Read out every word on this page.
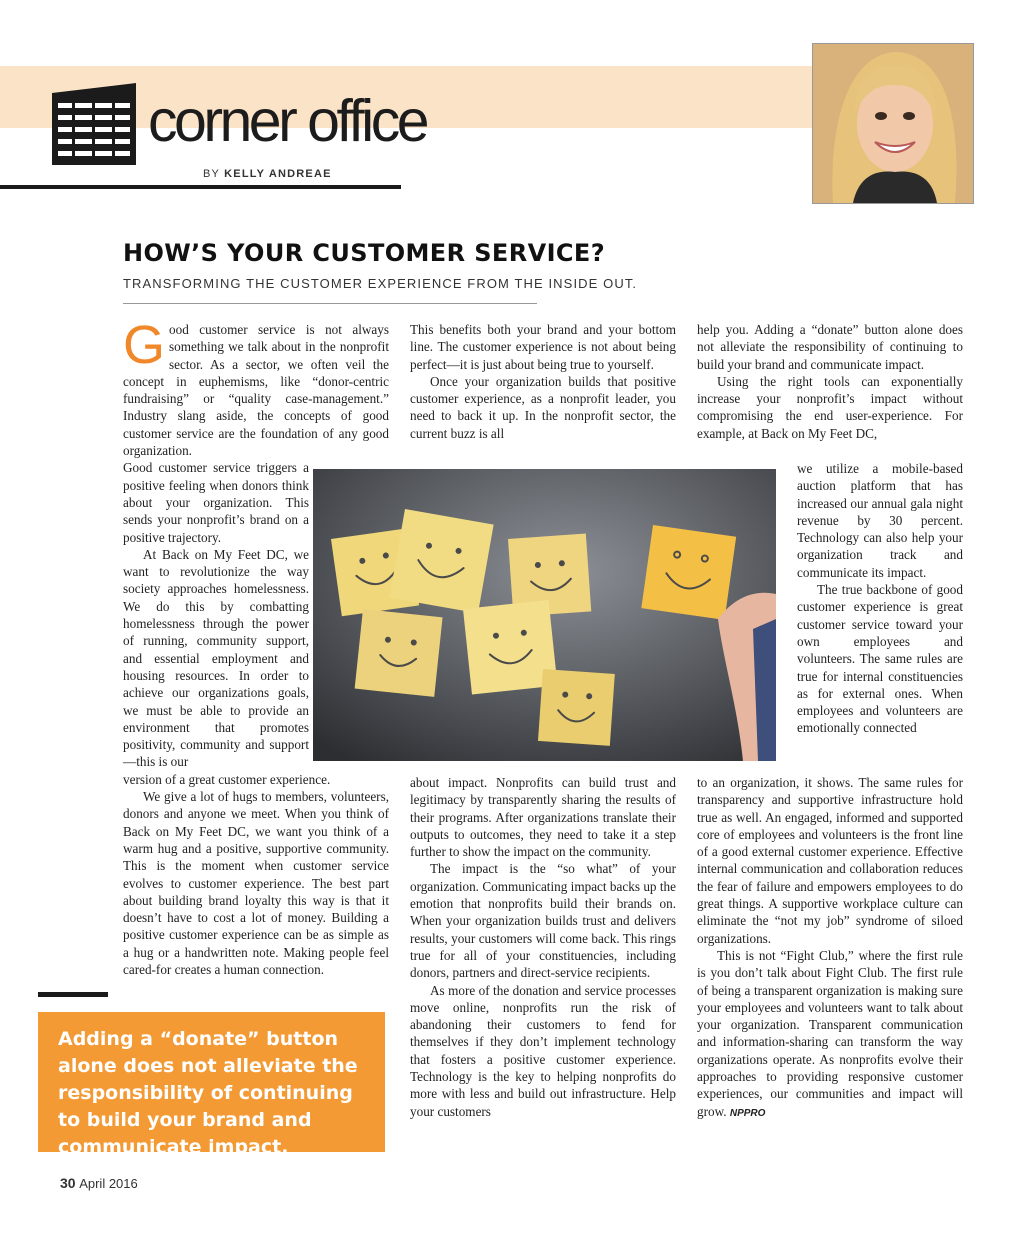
corner office
BY KELLY ANDREAE
HOW’S YOUR CUSTOMER SERVICE?
TRANSFORMING THE CUSTOMER EXPERIENCE FROM THE INSIDE OUT.

Good customer service is not always something we talk about in the nonprofit sector. As a sector, we often veil the concept in euphemisms, like “donor-centric fundraising” or “quality case-management.” Industry slang aside, the concepts of good customer service are the foundation of any good organization.

Good customer service triggers a positive feeling when donors think about your organization. This sends your nonprofit’s brand on a positive trajectory.

At Back on My Feet DC, we want to revolutionize the way society approaches homelessness. We do this by combatting homelessness through the power of running, community support, and essential employment and housing resources. In order to achieve our organizations goals, we must be able to provide an environment that promotes positivity, community and support—this is our

version of a great customer experience.

We give a lot of hugs to members, volunteers, donors and anyone we meet. When you think of Back on My Feet DC, we want you think of a warm hug and a positive, supportive community. This is the moment when customer service evolves to customer experience. The best part about building brand loyalty this way is that it doesn’t have to cost a lot of money. Building a positive customer experience can be as simple as a hug or a handwritten note. Making people feel cared-for creates a human connection.

This benefits both your brand and your bottom line. The customer experience is not about being perfect—it is just about being true to yourself.

Once your organization builds that positive customer experience, as a nonprofit leader, you need to back it up. In the nonprofit sector, the current buzz is all

help you. Adding a “donate” button alone does not alleviate the responsibility of continuing to build your brand and communicate impact.

Using the right tools can exponentially increase your nonprofit’s impact without compromising the end user-experience. For example, at Back on My Feet DC,

we utilize a mobile-based auction platform that has increased our annual gala night revenue by 30 percent. Technology can also help your organization track and communicate its impact.

The true backbone of good customer experience is great customer service toward your own employees and volunteers. The same rules are true for internal constituencies as for external ones. When employees and volunteers are emotionally connected

about impact. Nonprofits can build trust and legitimacy by transparently sharing the results of their programs. After organizations translate their outputs to outcomes, they need to take it a step further to show the impact on the community.

The impact is the “so what” of your organization. Communicating impact backs up the emotion that nonprofits build their brands on. When your organization builds trust and delivers results, your customers will come back. This rings true for all of your constituencies, including donors, partners and direct-service recipients.

As more of the donation and service processes move online, nonprofits run the risk of abandoning their customers to fend for themselves if they don’t implement technology that fosters a positive customer experience. Technology is the key to helping nonprofits do more with less and build out infrastructure. Help your customers

to an organization, it shows. The same rules for transparency and supportive infrastructure hold true as well. An engaged, informed and supported core of employees and volunteers is the front line of a good external customer experience. Effective internal communication and collaboration reduces the fear of failure and empowers employees to do great things. A supportive workplace culture can eliminate the “not my job” syndrome of siloed organizations.

This is not “Fight Club,” where the first rule is you don’t talk about Fight Club. The first rule of being a transparent organization is making sure your employees and volunteers want to talk about your organization. Transparent communication and information-sharing can transform the way organizations operate. As nonprofits evolve their approaches to providing responsive customer experiences, our communities and impact will grow. NPPRO

Adding a “donate” button alone does not alleviate the responsibility of continuing to build your brand and communicate impact.

30 April 2016
